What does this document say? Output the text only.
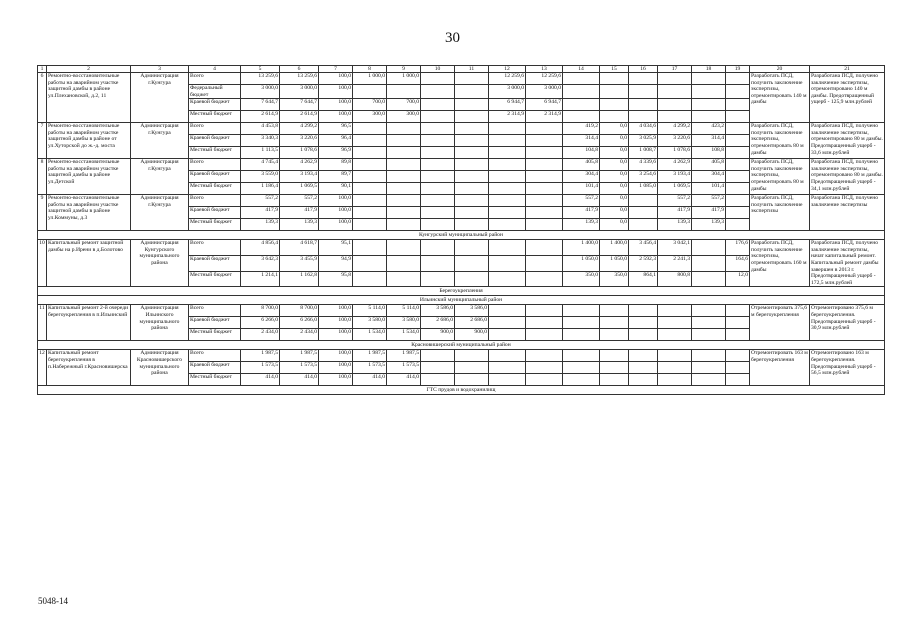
30
1	2	3	4	5	6	7	8	9	10	11	12	13	14	15	16	17	18	19	20	21
6	Ремонтно-восстановительные работы на аварийном участке защитной дамбы в районе ул.Плехановской, д.2, 11	Администрация г.Кунгура	Всего	13 259,6	13 259,6	100,0	1 000,0	1 000,0			12 259,6	12 259,6							Разработать ПСД, получить заключение экспертизы, отремонтировать 140 м дамбы	Разработана ПСД, получено заключение экспертизы, отремонтировано 140 м дамбы. Предотвращенный ущерб - 125,9 млн.рублей
			Федеральный бюджет	3 000,0	3 000,0	100,0					3 000,0	3 000,0								
			Краевой бюджет	7 644,7	7 644,7	100,0	700,0	700,0			6 944,7	6 944,7								
			Местный бюджет	2 614,9	2 614,9	100,0	300,0	300,0			2 314,9	2 314,9								
7	Ремонтно-восстановительные работы на аварийном участке защитной дамбы в районе от ул.Хуторской до ж.-д. моста	Администрация г.Кунгура	Всего	4 453,8	4 299,2	96,5							419,2	0,0	4 034,6	4 299,2	423,2		Разработать ПСД, получить заключение экспертизы, отремонтировать 80 м дамбы	Разработана ПСД, получено заключение экспертизы, отремонтировано 80 м дамбы. Предотвращенный ущерб - 33,6 млн.рублей
			Краевой бюджет	3 340,3	3 220,6	96,4							314,4	0,0	3 025,9	3 220,6	314,4			
			Местный бюджет	1 113,5	1 078,6	96,9							104,8	0,0	1 008,7	1 078,6	108,8			
8	Ремонтно-восстановительные работы на аварийном участке защитной дамбы в районе ул.Детской	Администрация г.Кунгура	Всего	4 745,4	4 262,9	89,8							405,8	0,0	4 339,6	4 262,9	405,8		Разработать ПСД, получить заключение экспертизы, отремонтировать 80 м дамбы	Разработана ПСД, получено заключение экспертизы, отремонтировано 80 м дамбы. Предотвращенный ущерб - 34,1 млн.рублей
			Краевой бюджет	3 559,0	3 193,4	89,7							304,4	0,0	3 254,6	3 193,4	304,4			
			Местный бюджет	1 186,4	1 069,5	90,1							101,4	0,0	1 085,0	1 069,5	101,4			
9	Ремонтно-восстановительные работы на аварийном участке защитной дамбы в районе ул.Коммуны, д.3	Администрация г.Кунгура	Всего	557,2	557,2	100,0							557,2	0,0		557,2	557,2		Разработать ПСД, получить заключение экспертизы	Разработана ПСД, получено заключение экспертизы
			Краевой бюджет	417,9	417,9	100,0							417,9	0,0		417,9	417,9			
			Местный бюджет	139,3	139,3	100,0							139,3	0,0		139,3	139,3			
Кунгурский муниципальный район																				
10	Капитальный ремонт защитной дамбы на р.Ирени в д.Болотово	Администрация Кунгурского муниципального района	Всего	4 856,4	4 618,7	95,1							1 400,0	1 400,0	3 456,4	3 042,1		176,6	Разработать ПСД, получить заключение экспертизы, отремонтировать 160 м дамбы	Разработана ПСД, получено заключение экспертизы, начат капитальный ремонт. Капитальный ремонт дамбы завершен в 2013 г. Предотвращенный ущерб - 172,5 млн.рублей
			Краевой бюджет	3 642,3	3 455,9	94,9							1 050,0	1 050,0	2 592,3	2 241,3		164,6		
			Местный бюджет	1 214,1	1 162,8	95,8							350,0	350,0	864,1	800,8		12,0		
Берегоукрепления																				
Ильинский муниципальный район																				
11	Капитальный ремонт 2-й очереди берегоукрепления в п.Ильинский	Администрация Ильинского муниципального района	Всего	8 700,0	8 700,0	100,0	5 114,0	5 114,0	3 586,0	3 586,0									Отремонтировать 375,6 м берегоукрепления	Отремонтировано 375,6 м берегоукрепления. Предотвращенный ущерб - 30,9 млн.рублей
			Краевой бюджет	6 266,0	6 266,0	100,0	3 580,0	3 580,0	2 686,0	2 686,0										
			Местный бюджет	2 434,0	2 434,0	100,0	1 534,0	1 534,0	900,0	900,0										
Красновишерский муниципальный район																				
12	Капитальный ремонт берегоукрепления в п.Набережный г.Красновишерска	Администрация Красновишерского муниципального района	Всего	1 987,5	1 987,5	100,0	1 987,5	1 987,5											Отремонтировать 163 м берегоукрепления	Отремонтировано 163 м берегоукрепления. Предотвращенный ущерб - 56,5 млн.рублей
			Краевой бюджет	1 573,5	1 573,5	100,0	1 573,5	1 573,5												
			Местный бюджет	414,0	414,0	100,0	414,0	414,0												
ГТС прудов и водохранилищ																				
5048-14
